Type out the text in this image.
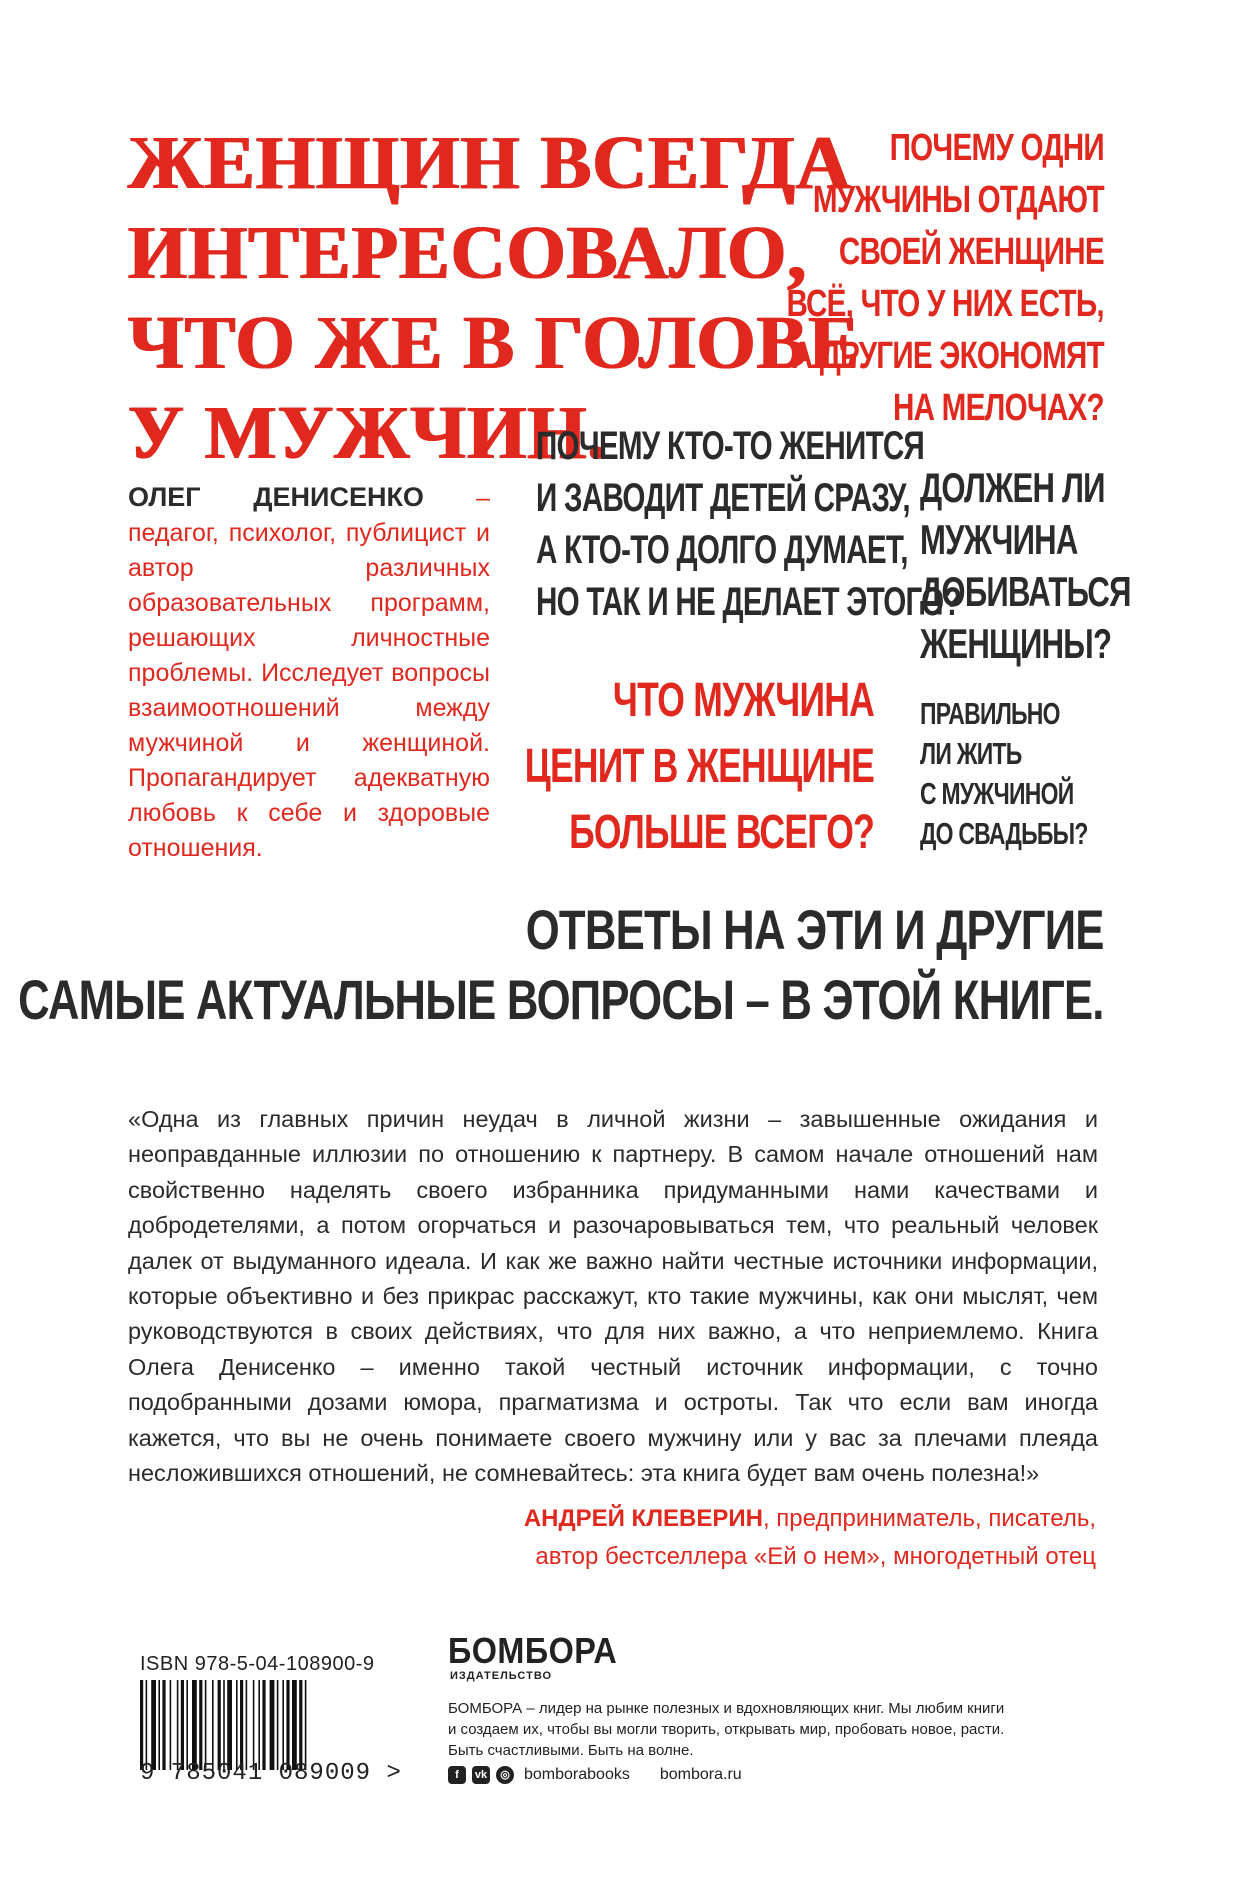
ЖЕНЩИН ВСЕГДА
ИНТЕРЕСОВАЛО,
ЧТО ЖЕ В ГОЛОВЕ
У МУЖЧИН.
ПОЧЕМУ ОДНИ
МУЖЧИНЫ ОТДАЮТ
СВОЕЙ ЖЕНЩИНЕ
ВСЁ, ЧТО У НИХ ЕСТЬ,
А ДРУГИЕ ЭКОНОМЯТ
НА МЕЛОЧАХ?
ПОЧЕМУ КТО-ТО ЖЕНИТСЯ
И ЗАВОДИТ ДЕТЕЙ СРАЗУ,
А КТО-ТО ДОЛГО ДУМАЕТ,
НО ТАК И НЕ ДЕЛАЕТ ЭТОГО?
ДОЛЖЕН ЛИ
МУЖЧИНА
ДОБИВАТЬСЯ
ЖЕНЩИНЫ?
ЧТО МУЖЧИНА
ЦЕНИТ В ЖЕНЩИНЕ
БОЛЬШЕ ВСЕГО?
ПРАВИЛЬНО
ЛИ ЖИТЬ
С МУЖЧИНОЙ
ДО СВАДЬБЫ?
ОЛЕГ ДЕНИСЕНКО – педагог, психолог, публицист и автор различных образовательных программ, решающих личностные проблемы. Исследует вопросы взаимоотношений между мужчиной и женщиной. Пропагандирует адекватную любовь к себе и здоровые отношения.
ОТВЕТЫ НА ЭТИ И ДРУГИЕ
САМЫЕ АКТУАЛЬНЫЕ ВОПРОСЫ – В ЭТОЙ КНИГЕ.
«Одна из главных причин неудач в личной жизни – завышенные ожидания и неоправданные иллюзии по отношению к партнеру. В самом начале отношений нам свойственно наделять своего избранника придуманными нами качествами и добродетелями, а потом огорчаться и разочаровываться тем, что реальный человек далек от выдуманного идеала. И как же важно найти честные источники информации, которые объективно и без прикрас расскажут, кто такие мужчины, как они мыслят, чем руководствуются в своих действиях, что для них важно, а что неприемлемо. Книга Олега Денисенко – именно такой честный источник информации, с точно подобранными дозами юмора, прагматизма и остроты. Так что если вам иногда кажется, что вы не очень понимаете своего мужчину или у вас за плечами плеяда несложившихся отношений, не сомневайтесь: эта книга будет вам очень полезна!»
АНДРЕЙ КЛЕВЕРИН, предприниматель, писатель,
автор бестселлера «Ей о нем», многодетный отец
ISBN 978-5-04-108900-9
9 785041 089009 >
БОМБОРА
ИЗДАТЕЛЬСТВО
БОМБОРА – лидер на рынке полезных и вдохновляющих книг. Мы любим книги и создаем их, чтобы вы могли творить, открывать мир, пробовать новое, расти. Быть счастливыми. Быть на волне.
f	vk	◎ bomborabooks bombora.ru
